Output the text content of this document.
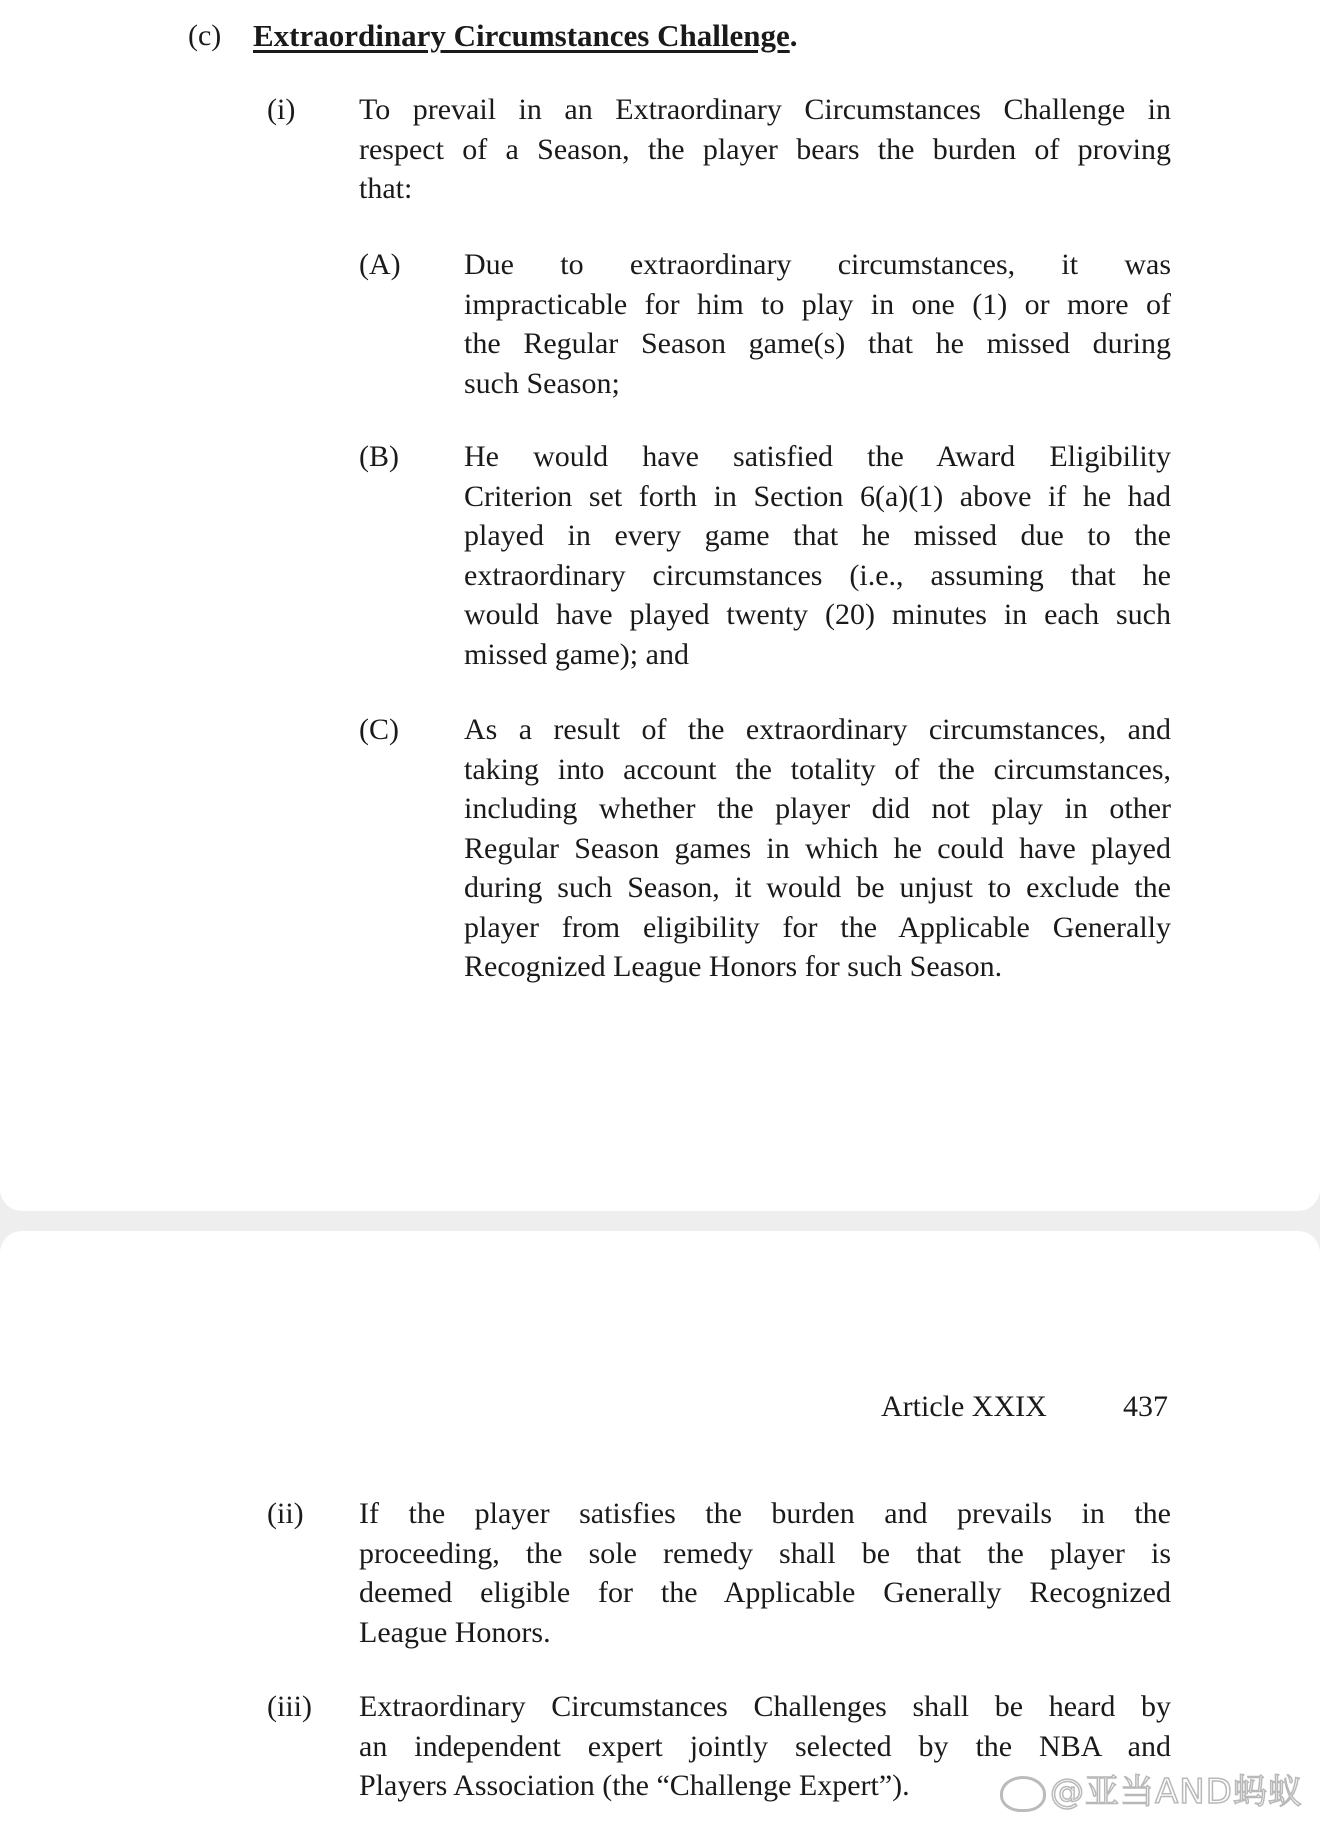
(c) Extraordinary Circumstances Challenge.
(i) To prevail in an Extraordinary Circumstances Challenge in
respect of a Season, the player bears the burden of proving
that:
(A) Due to extraordinary circumstances, it was
impracticable for him to play in one (1) or more of
the Regular Season game(s) that he missed during
such Season;
(B) He would have satisfied the Award Eligibility
Criterion set forth in Section 6(a)(1) above if he had
played in every game that he missed due to the
extraordinary circumstances (i.e., assuming that he
would have played twenty (20) minutes in each such
missed game); and
(C) As a result of the extraordinary circumstances, and
taking into account the totality of the circumstances,
including whether the player did not play in other
Regular Season games in which he could have played
during such Season, it would be unjust to exclude the
player from eligibility for the Applicable Generally
Recognized League Honors for such Season.
Article XXIX	437
(ii) If the player satisfies the burden and prevails in the
proceeding, the sole remedy shall be that the player is
deemed eligible for the Applicable Generally Recognized
League Honors.
(iii) Extraordinary Circumstances Challenges shall be heard by
an independent expert jointly selected by the NBA and
Players Association (the “Challenge Expert”).	@亚当AND蚂蚁
